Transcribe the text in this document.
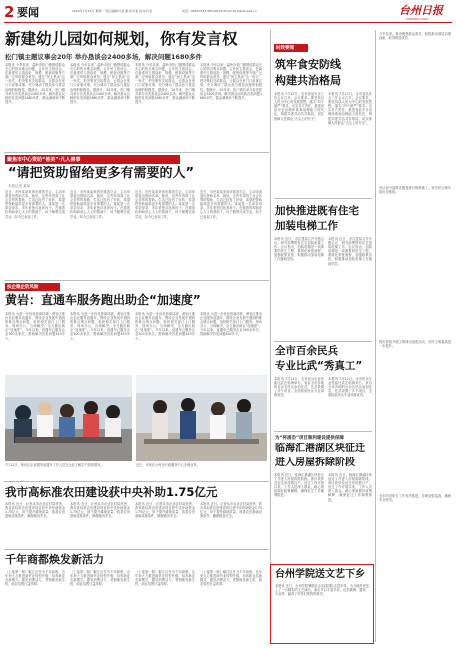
2 要闻	2019年7月15日 星期一 责任编辑/叶某 版式/叶某 校对/叶某	电话：88510333 88510130 Email:tzrb@tznews.cn	台州日报
TAIZHOU DAILY
新建幼儿园如何规划，你有发言权
松门镇主题议事会20年 举办恳谈会2400多场，解决问题1680多件
本报讯 今年以来，温岭市松门镇围绕群众关心的热点难点问题，召开民主恳谈会，在新建幼儿园选址、规模、配套设施等方面广泛听取群众意见。通过“民主恳谈”这一形式，把决策权交给群众，让群众在家门口说事议事，充分调动了群众参与基层治理的积极性。据统计，20年来，松门镇共举办各类恳谈会2400多场，解决群众反映的各类问题1680多件，群众满意率不断提升。
本报讯 今年以来，温岭市松门镇围绕群众关心的热点难点问题，召开民主恳谈会，在新建幼儿园选址、规模、配套设施等方面广泛听取群众意见。通过“民主恳谈”这一形式，把决策权交给群众，让群众在家门口说事议事，充分调动了群众参与基层治理的积极性。据统计，20年来，松门镇共举办各类恳谈会2400多场，解决群众反映的各类问题1680多件，群众满意率不断提升。
本报讯 今年以来，温岭市松门镇围绕群众关心的热点难点问题，召开民主恳谈会，在新建幼儿园选址、规模、配套设施等方面广泛听取群众意见。通过“民主恳谈”这一形式，把决策权交给群众，让群众在家门口说事议事，充分调动了群众参与基层治理的积极性。据统计，20年来，松门镇共举办各类恳谈会2400多场，解决群众反映的各类问题1680多件，群众满意率不断提升。
本报讯 今年以来，温岭市松门镇围绕群众关心的热点难点问题，召开民主恳谈会，在新建幼儿园选址、规模、配套设施等方面广泛听取群众意见。通过“民主恳谈”这一形式，把决策权交给群众，让群众在家门口说事议事，充分调动了群众参与基层治理的积极性。据统计，20年来，松门镇共举办各类恳谈会2400多场，解决群众反映的各类问题1680多件，群众满意率不断提升。
聚焦市中心资助“善美”·凡人善事
“请把资助留给更多有需要的人”
本报记者 某某
近日，市民某某来到市慈善总会，主动申请退出资助名单。她说，这些年得到了社会各界的帮助，生活已经有了好转，希望把资助留给更多有需要的人。某某是一名单亲母亲，多年来独自抚养孩子。在慈善机构和爱心人士的帮助下，孩子顺利完成学业，如今已参加工作。
近日，市民某某来到市慈善总会，主动申请退出资助名单。她说，这些年得到了社会各界的帮助，生活已经有了好转，希望把资助留给更多有需要的人。某某是一名单亲母亲，多年来独自抚养孩子。在慈善机构和爱心人士的帮助下，孩子顺利完成学业，如今已参加工作。
近日，市民某某来到市慈善总会，主动申请退出资助名单。她说，这些年得到了社会各界的帮助，生活已经有了好转，希望把资助留给更多有需要的人。某某是一名单亲母亲，多年来独自抚养孩子。在慈善机构和爱心人士的帮助下，孩子顺利完成学业，如今已参加工作。
近日，市民某某来到市慈善总会，主动申请退出资助名单。她说，这些年得到了社会各界的帮助，生活已经有了好转，希望把资助留给更多有需要的人。某某是一名单亲母亲，多年来独自抚养孩子。在慈善机构和爱心人士的帮助下，孩子顺利完成学业，如今已参加工作。
扶企稳企防风险
黄岩：直通车服务跑出助企“加速度”
本报讯 为进一步优化营商环境，黄岩区推出企业服务直通车，围绕企业发展中遇到的难点堵点问题，组织相关部门上门服务，现场办公，当场解决，全力跑出助企“加速度”。今年以来，直通车已服务企业300余家次，帮助解决各类问题450多个。
本报讯 为进一步优化营商环境，黄岩区推出企业服务直通车，围绕企业发展中遇到的难点堵点问题，组织相关部门上门服务，现场办公，当场解决，全力跑出助企“加速度”。今年以来，直通车已服务企业300余家次，帮助解决各类问题450多个。
本报讯 为进一步优化营商环境，黄岩区推出企业服务直通车，围绕企业发展中遇到的难点堵点问题，组织相关部门上门服务，现场办公，当场解决，全力跑出助企“加速度”。今年以来，直通车已服务企业300余家次，帮助解决各类问题450多个。
本报讯 为进一步优化营商环境，黄岩区推出企业服务直通车，围绕企业发展中遇到的难点堵点问题，组织相关部门上门服务，现场办公，当场解决，全力跑出助企“加速度”。今年以来，直通车已服务企业300余家次，帮助解决各类问题450多个。
7月12日，黄岩区企业服务直通车工作人员在企业了解生产经营情况。	近日，市民在台州市行政服务中心办理业务。
我市高标准农田建设获中央补助1.75亿元
本报讯 近日，记者从市农业农村局获悉，我市高标准农田建设项目获中央补助资金1.75亿元，用于提升耕地质量，改善农田基础设施条件，确保粮食安全。
本报讯 近日，记者从市农业农村局获悉，我市高标准农田建设项目获中央补助资金1.75亿元，用于提升耕地质量，改善农田基础设施条件，确保粮食安全。
本报讯 近日，记者从市农业农村局获悉，我市高标准农田建设项目获中央补助资金1.75亿元，用于提升耕地质量，改善农田基础设施条件，确保粮食安全。
本报讯 近日，记者从市农业农村局获悉，我市高标准农田建设项目获中央补助资金1.75亿元，用于提升耕地质量，改善农田基础设施条件，确保粮食安全。
千年商都焕发新活力
（上接第一版）椒江区作为千年商都，近年来大力推进商贸业转型升级，培育新业态新模式，激发消费活力，老街焕发新生机，商业氛围日益浓厚。
（上接第一版）椒江区作为千年商都，近年来大力推进商贸业转型升级，培育新业态新模式，激发消费活力，老街焕发新生机，商业氛围日益浓厚。
（上接第一版）椒江区作为千年商都，近年来大力推进商贸业转型升级，培育新业态新模式，激发消费活力，老街焕发新生机，商业氛围日益浓厚。
（上接第一版）椒江区作为千年商都，近年来大力推进商贸业转型升级，培育新业态新模式，激发消费活力，老街焕发新生机，商业氛围日益浓厚。
时政要闻
筑牢食安防线
构建共治格局
本报讯 7月12日，全市食品安全工作会议召开。会议要求，要坚持以人民为中心的发展思想，落实“四个最严”要求，压实各方责任，推进食品安全治理体系和治理能力现代化，构建共建共治共享格局，切实保障人民群众“舌尖上的安全”。
本报讯 7月12日，全市食品安全工作会议召开。会议要求，要坚持以人民为中心的发展思想，落实“四个最严”要求，压实各方责任，推进食品安全治理体系和治理能力现代化，构建共建共治共享格局，切实保障人民群众“舌尖上的安全”。
加快推进既有住宅
加装电梯工作
本报讯 近日，市住建局召开专题会议，研究部署既有住宅加装电梯工作。会议指出，加装电梯是一项重要的民生工程，要简化审批流程，加强政策宣传，积极推动加装电梯工作落地见效。
本报讯 近日，市住建局召开专题会议，研究部署既有住宅加装电梯工作。会议指出，加装电梯是一项重要的民生工程，要简化审批流程，加强政策宣传，积极推动加装电梯工作落地见效。
全市百余民兵
专业比武“秀真工”
本报讯 7月12日，全市民兵专业技能比武在临海举行。来自全市各地的百余名民兵参加比武，比武设置了多个项目，全面检验民兵专业训练成效。
本报讯 7月12日，全市民兵专业技能比武在临海举行。来自全市各地的百余名民兵参加比武，比武设置了多个项目，全面检验民兵专业训练成效。
为“将浦岙”项目顺利建设提供保障
临海汇港湖区块征迁
进入房屋拆除阶段
本报讯 近日，临海汇港湖区块征迁工作进入房屋拆除阶段。该区块涉及征迁房屋数百户，征迁工作开展以来，工作人员深入群众，耐心细致做好政策解释，确保征迁工作顺利推进。
本报讯 近日，临海汇港湖区块征迁工作进入房屋拆除阶段。该区块涉及征迁房屋数百户，征迁工作开展以来，工作人员深入群众，耐心细致做好政策解释，确保征迁工作顺利推进。
台州学院送文艺下乡
本报讯 近日，台州学院暑期社会实践团队走进乡村，为当地村民送上了一台精彩的文艺演出。演出节目丰富多彩，包括歌舞、器乐、小品等，赢得了村民们的阵阵掌声。
今年以来，我市聚焦群众需求，积极推动基层治理创新，取得明显成效。
市区部分道路近期将进行维修施工，请市民合理安排出行路线。
我市持续开展文明城市创建活动，市民文明素质进一步提升。
全市防汛防台工作有序推进，各地加强巡查，确保安全度汛。
